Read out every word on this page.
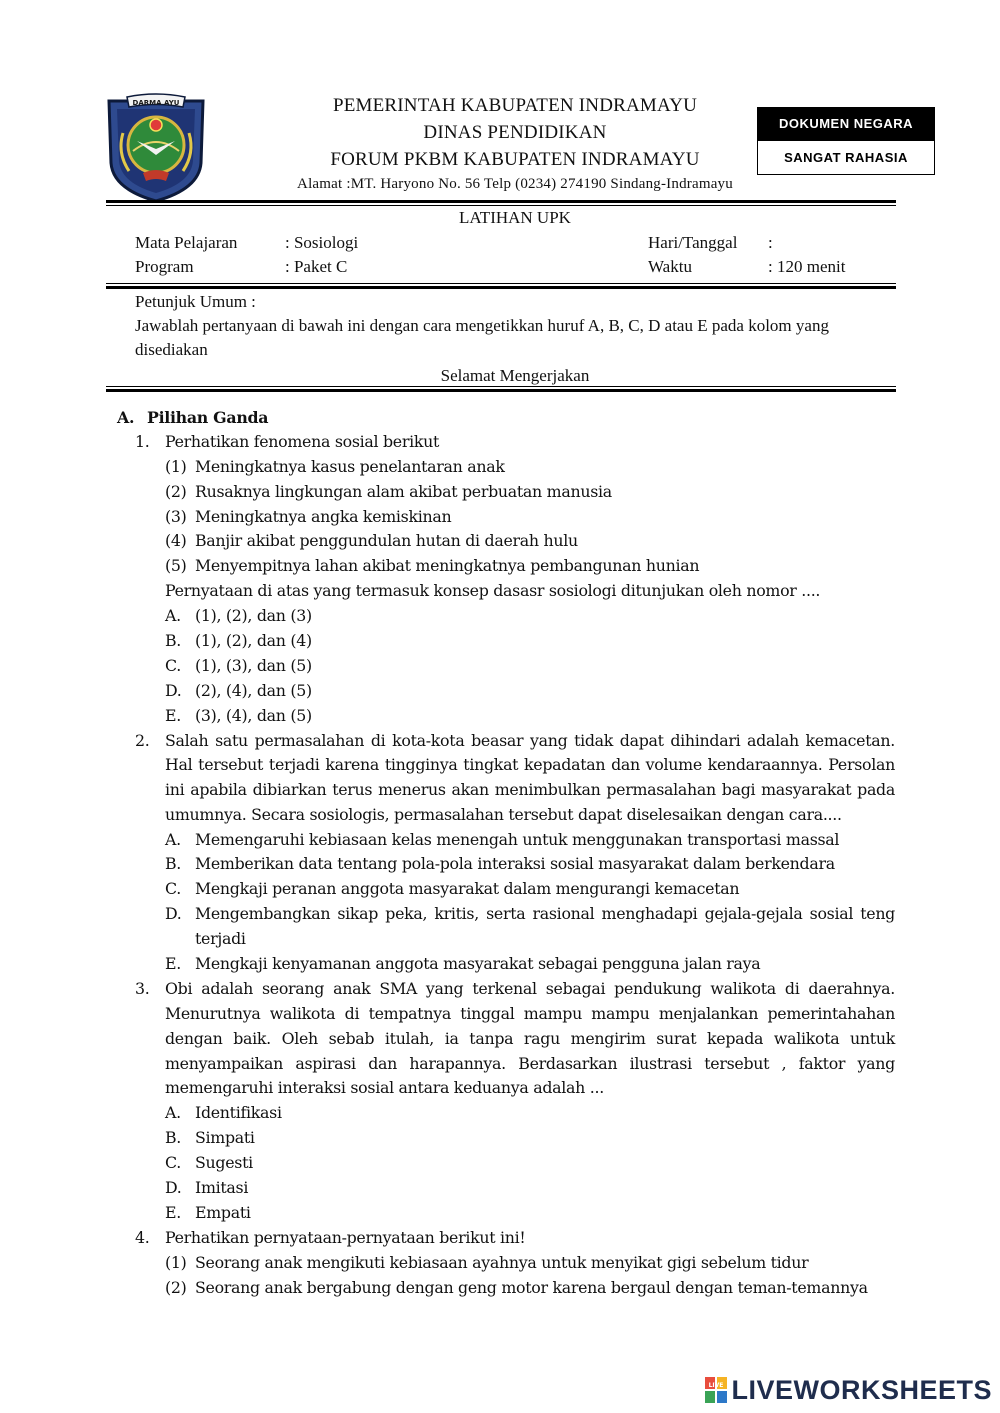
DARMA AYU	PEMERINTAH KABUPATEN INDRAMAYU
DINAS PENDIDIKAN
FORUM PKBM KABUPATEN INDRAMAYU
Alamat :MT. Haryono No. 56 Telp (0234) 274190 Sindang-Indramayu
DOKUMEN NEGARA
SANGAT RAHASIA
LATIHAN UPK
Mata Pelajaran	: Sosiologi	Hari/Tanggal :
Program	: Paket C	Waktu	: 120 menit
Petunjuk Umum :
Jawablah pertanyaan di bawah ini dengan cara mengetikkan huruf A, B, C, D atau E pada kolom yang
disediakan
Selamat Mengerjakan
A. Pilihan Ganda
1. Perhatikan fenomena sosial berikut
(1) Meningkatnya kasus penelantaran anak
(2) Rusaknya lingkungan alam akibat perbuatan manusia
(3) Meningkatnya angka kemiskinan
(4) Banjir akibat penggundulan hutan di daerah hulu
(5) Menyempitnya lahan akibat meningkatnya pembangunan hunian
Pernyataan di atas yang termasuk konsep dasasr sosiologi ditunjukan oleh nomor ....
A. (1), (2), dan (3)
B. (1), (2), dan (4)
C. (1), (3), dan (5)
D. (2), (4), dan (5)
E. (3), (4), dan (5)
2. Salah satu permasalahan di kota-kota beasar yang tidak dapat dihindari adalah kemacetan.
Hal tersebut terjadi karena tingginya tingkat kepadatan dan volume kendaraannya. Persolan
ini apabila dibiarkan terus menerus akan menimbulkan permasalahan bagi masyarakat pada
umumnya. Secara sosiologis, permasalahan tersebut dapat diselesaikan dengan cara....
A. Memengaruhi kebiasaan kelas menengah untuk menggunakan transportasi massal
B. Memberikan data tentang pola-pola interaksi sosial masyarakat dalam berkendara
C. Mengkaji peranan anggota masyarakat dalam mengurangi kemacetan
D. Mengembangkan sikap peka, kritis, serta rasional menghadapi gejala-gejala sosial teng
terjadi
E. Mengkaji kenyamanan anggota masyarakat sebagai pengguna jalan raya
3. Obi adalah seorang anak SMA yang terkenal sebagai pendukung walikota di daerahnya.
Menurutnya walikota di tempatnya tinggal mampu mampu menjalankan pemerintahahan
dengan baik. Oleh sebab itulah, ia tanpa ragu mengirim surat kepada walikota untuk
menyampaikan aspirasi dan harapannya. Berdasarkan ilustrasi tersebut , faktor yang
memengaruhi interaksi sosial antara keduanya adalah ...
A. Identifikasi
B. Simpati
C. Sugesti
D. Imitasi
E. Empati
4. Perhatikan pernyataan-pernyataan berikut ini!
(1) Seorang anak mengikuti kebiasaan ayahnya untuk menyikat gigi sebelum tidur
(2) Seorang anak bergabung dengan geng motor karena bergaul dengan teman-temannya
LIVE LIVEWORKSHEETS
